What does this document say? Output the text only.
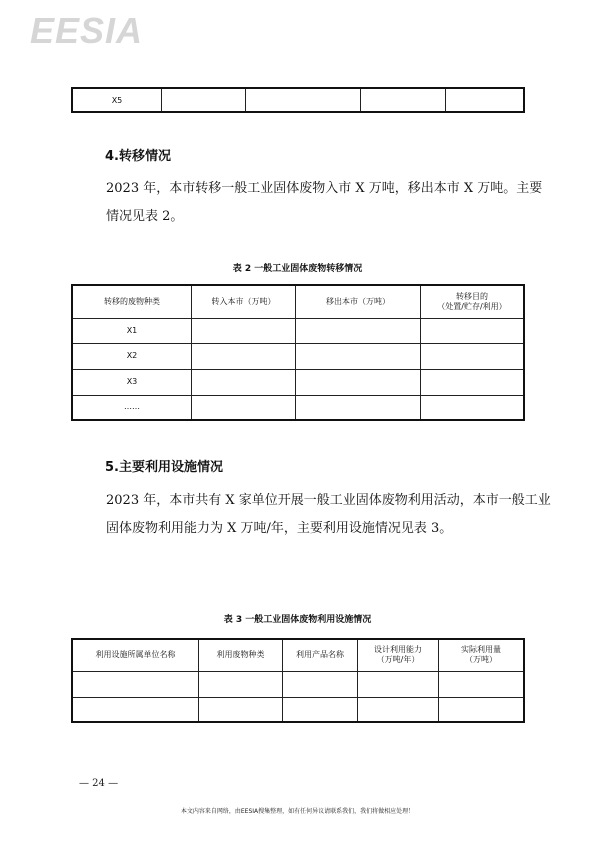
EESIA
X5				
4.转移情况

2023 年，本市转移一般工业固体废物入市 X 万吨，移出本市 X 万吨。主要情况见表 2。

表 2 一般工业固体废物转移情况
转移的废物种类	转入本市（万吨）	移出本市（万吨）	转移目的
（处置/贮存/利用）
X1			
X2			
X3			
……			
5.主要利用设施情况

2023 年，本市共有 X 家单位开展一般工业固体废物利用活动，本市一般工业固体废物利用能力为 X 万吨/年，主要利用设施情况见表 3。

表 3 一般工业固体废物利用设施情况
利用设施所属单位名称	利用废物种类	利用产品名称	设计利用能力
（万吨/年）	实际利用量
（万吨）

— 24 —
本文内容来自网络，由EESIA搜集整理，如有任何异议请联系我们，我们将做相应处理！
